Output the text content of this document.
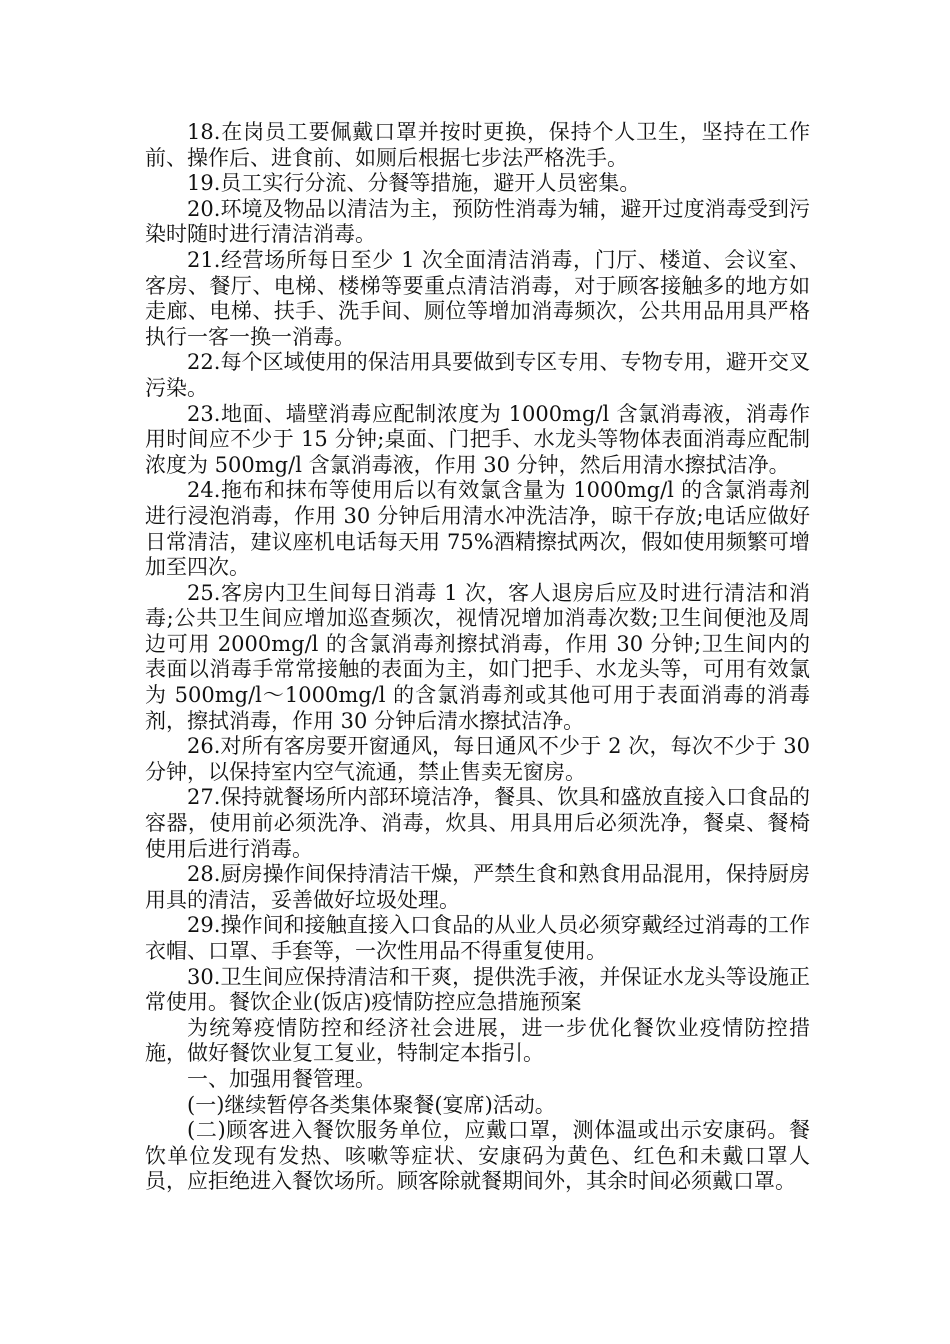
18.在岗员工要佩戴口罩并按时更换，保持个人卫生，坚持在工作前、操作后、进食前、如厕后根据七步法严格洗手。

19.员工实行分流、分餐等措施，避开人员密集。

20.环境及物品以清洁为主，预防性消毒为辅，避开过度消毒受到污染时随时进行清洁消毒。

21.经营场所每日至少 1 次全面清洁消毒，门厅、楼道、会议室、客房、餐厅、电梯、楼梯等要重点清洁消毒，对于顾客接触多的地方如走廊、电梯、扶手、洗手间、厕位等增加消毒频次，公共用品用具严格执行一客一换一消毒。

22.每个区域使用的保洁用具要做到专区专用、专物专用，避开交叉污染。

23.地面、墙壁消毒应配制浓度为 1000mg/l 含氯消毒液，消毒作用时间应不少于 15 分钟;桌面、门把手、水龙头等物体表面消毒应配制浓度为 500mg/l 含氯消毒液，作用 30 分钟，然后用清水擦拭洁净。

24.拖布和抹布等使用后以有效氯含量为 1000mg/l 的含氯消毒剂进行浸泡消毒，作用 30 分钟后用清水冲洗洁净，晾干存放;电话应做好日常清洁，建议座机电话每天用 75%酒精擦拭两次，假如使用频繁可增加至四次。

25.客房内卫生间每日消毒 1 次，客人退房后应及时进行清洁和消毒;公共卫生间应增加巡查频次，视情况增加消毒次数;卫生间便池及周边可用 2000mg/l 的含氯消毒剂擦拭消毒，作用 30 分钟;卫生间内的表面以消毒手常常接触的表面为主，如门把手、水龙头等，可用有效氯为 500mg/l～1000mg/l 的含氯消毒剂或其他可用于表面消毒的消毒剂，擦拭消毒，作用 30 分钟后清水擦拭洁净。

26.对所有客房要开窗通风，每日通风不少于 2 次，每次不少于 30 分钟，以保持室内空气流通，禁止售卖无窗房。

27.保持就餐场所内部环境洁净，餐具、饮具和盛放直接入口食品的容器，使用前必须洗净、消毒，炊具、用具用后必须洗净，餐桌、餐椅使用后进行消毒。

28.厨房操作间保持清洁干燥，严禁生食和熟食用品混用，保持厨房用具的清洁，妥善做好垃圾处理。

29.操作间和接触直接入口食品的从业人员必须穿戴经过消毒的工作衣帽、口罩、手套等，一次性用品不得重复使用。

30.卫生间应保持清洁和干爽，提供洗手液，并保证水龙头等设施正常使用。餐饮企业(饭店)疫情防控应急措施预案

为统筹疫情防控和经济社会进展，进一步优化餐饮业疫情防控措施，做好餐饮业复工复业，特制定本指引。

一、加强用餐管理。

(一)继续暂停各类集体聚餐(宴席)活动。

(二)顾客进入餐饮服务单位，应戴口罩，测体温或出示安康码。餐饮单位发现有发热、咳嗽等症状、安康码为黄色、红色和未戴口罩人员，应拒绝进入餐饮场所。顾客除就餐期间外，其余时间必须戴口罩。
